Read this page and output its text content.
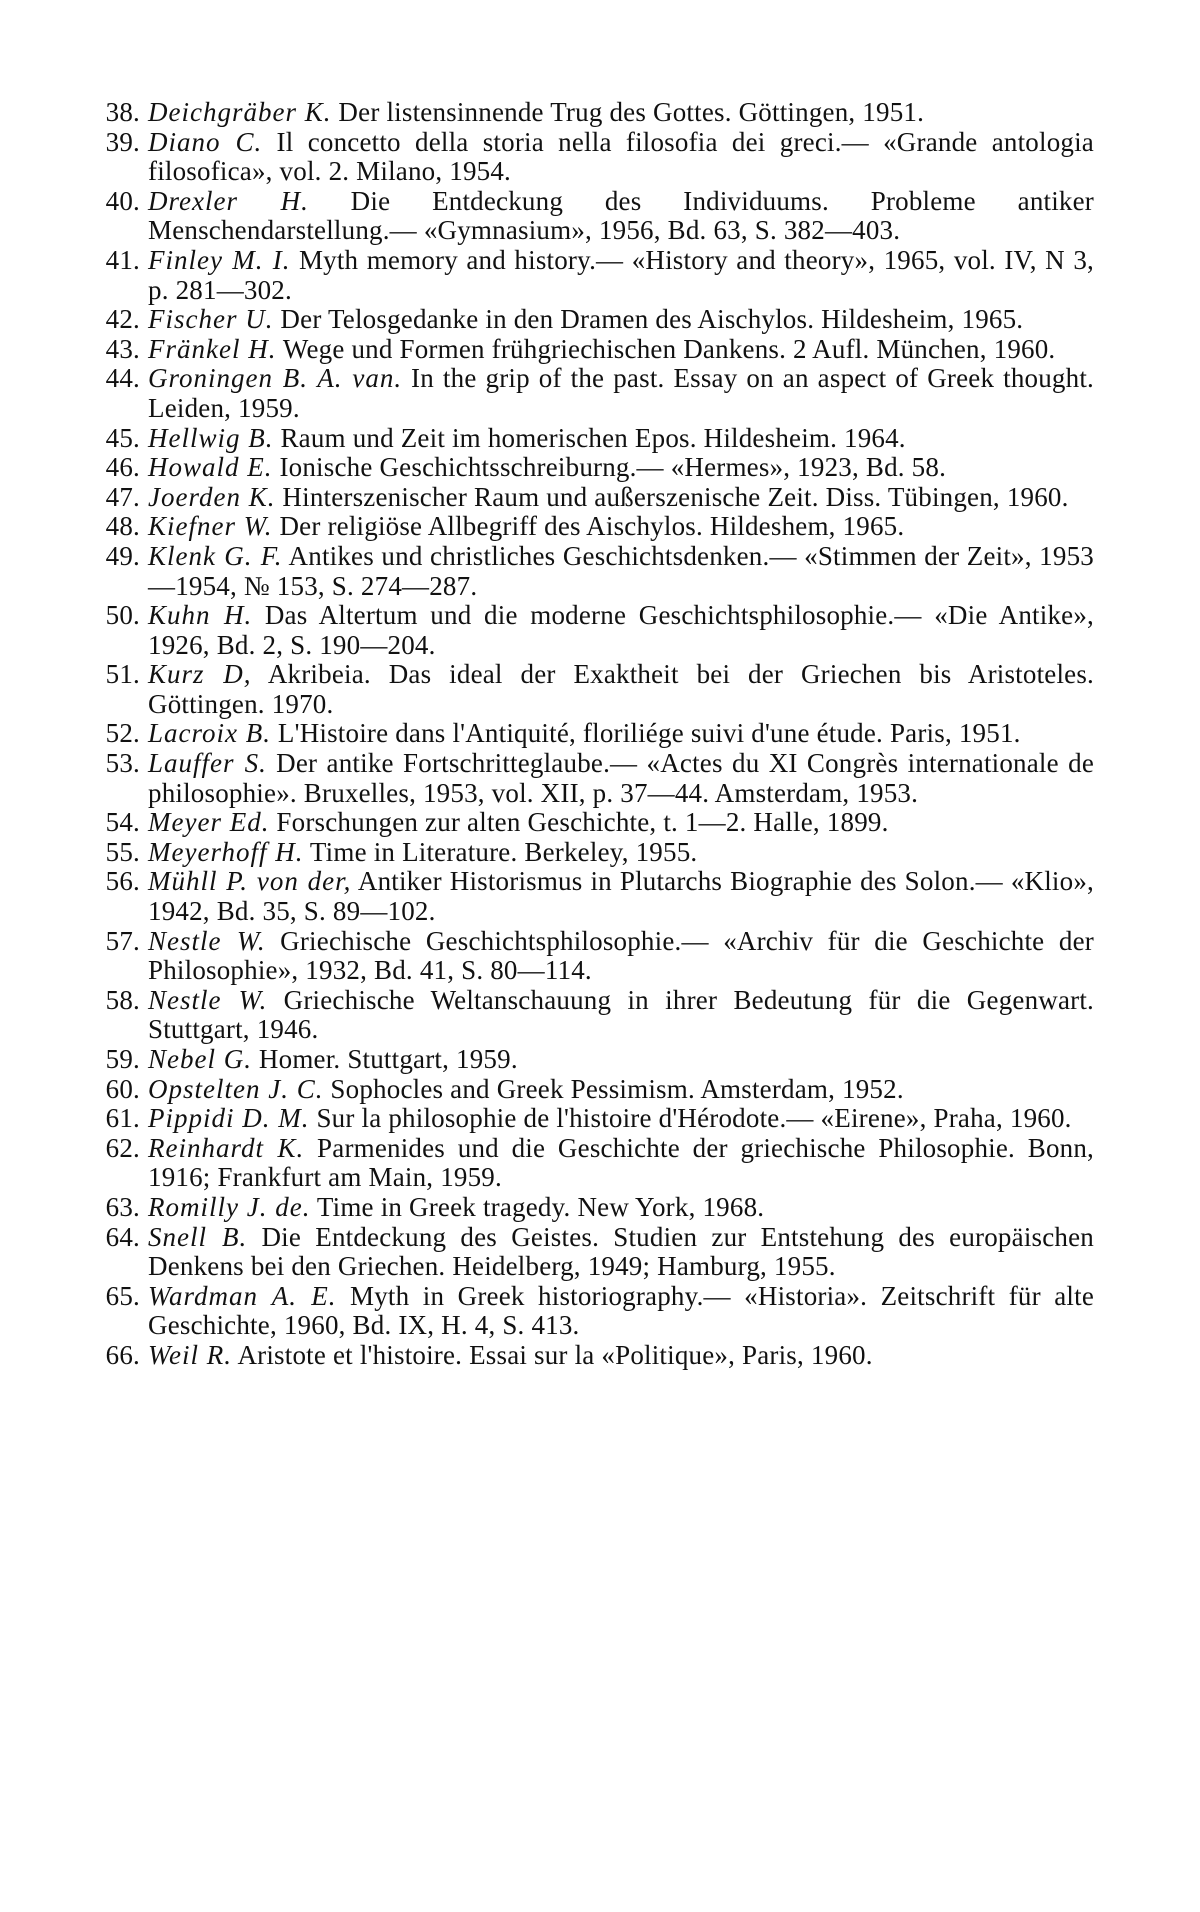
38. Deichgräber K. Der listensinnende Trug des Gottes. Göttingen, 1951.
39. Diano C. Il concetto della storia nella filosofia dei greci.— «Grande antologia filosofica», vol. 2. Milano, 1954.
40. Drexler H. Die Entdeckung des Individuums. Probleme antiker Menschendarstellung.— «Gymnasium», 1956, Bd. 63, S. 382—403.
41. Finley M. I. Myth memory and history.— «History and theory», 1965, vol. IV, N 3, p. 281—302.
42. Fischer U. Der Telosgedanke in den Dramen des Aischylos. Hildesheim, 1965.
43. Fränkel H. Wege und Formen frühgriechischen Dankens. 2 Aufl. München, 1960.
44. Groningen B. A. van. In the grip of the past. Essay on an aspect of Greek thought. Leiden, 1959.
45. Hellwig B. Raum und Zeit im homerischen Epos. Hildesheim. 1964.
46. Howald E. Ionische Geschichtsschreiburng.— «Hermes», 1923, Bd. 58.
47. Joerden K. Hinterszenischer Raum und außerszenische Zeit. Diss. Tübingen, 1960.
48. Kiefner W. Der religiöse Allbegriff des Aischylos. Hildeshem, 1965.
49. Klenk G. F. Antikes und christliches Geschichtsdenken.— «Stimmen der Zeit», 1953—1954, № 153, S. 274—287.
50. Kuhn H. Das Altertum und die moderne Geschichtsphilosophie.— «Die Antike», 1926, Bd. 2, S. 190—204.
51. Kurz D, Akribeia. Das ideal der Exaktheit bei der Griechen bis Aristoteles. Göttingen. 1970.
52. Lacroix B. L'Histoire dans l'Antiquité, floriliége suivi d'une étude. Paris, 1951.
53. Lauffer S. Der antike Fortschritteglaube.— «Actes du XI Congrès internationale de philosophie». Bruxelles, 1953, vol. XII, p. 37—44. Amsterdam, 1953.
54. Meyer Ed. Forschungen zur alten Geschichte, t. 1—2. Halle, 1899.
55. Meyerhoff H. Time in Literature. Berkeley, 1955.
56. Mühll P. von der, Antiker Historismus in Plutarchs Biographie des Solon.— «Klio», 1942, Bd. 35, S. 89—102.
57. Nestle W. Griechische Geschichtsphilosophie.— «Archiv für die Geschichte der Philosophie», 1932, Bd. 41, S. 80—114.
58. Nestle W. Griechische Weltanschauung in ihrer Bedeutung für die Gegenwart. Stuttgart, 1946.
59. Nebel G. Homer. Stuttgart, 1959.
60. Opstelten J. C. Sophocles and Greek Pessimism. Amsterdam, 1952.
61. Pippidi D. M. Sur la philosophie de l'histoire d'Hérodote.— «Eirene», Praha, 1960.
62. Reinhardt K. Parmenides und die Geschichte der griechische Philosophie. Bonn, 1916; Frankfurt am Main, 1959.
63. Romilly J. de. Time in Greek tragedy. New York, 1968.
64. Snell B. Die Entdeckung des Geistes. Studien zur Entstehung des europäischen Denkens bei den Griechen. Heidelberg, 1949; Hamburg, 1955.
65. Wardman A. E. Myth in Greek historiography.— «Historia». Zeitschrift für alte Geschichte, 1960, Bd. IX, H. 4, S. 413.
66. Weil R. Aristote et l'histoire. Essai sur la «Politique», Paris, 1960.
